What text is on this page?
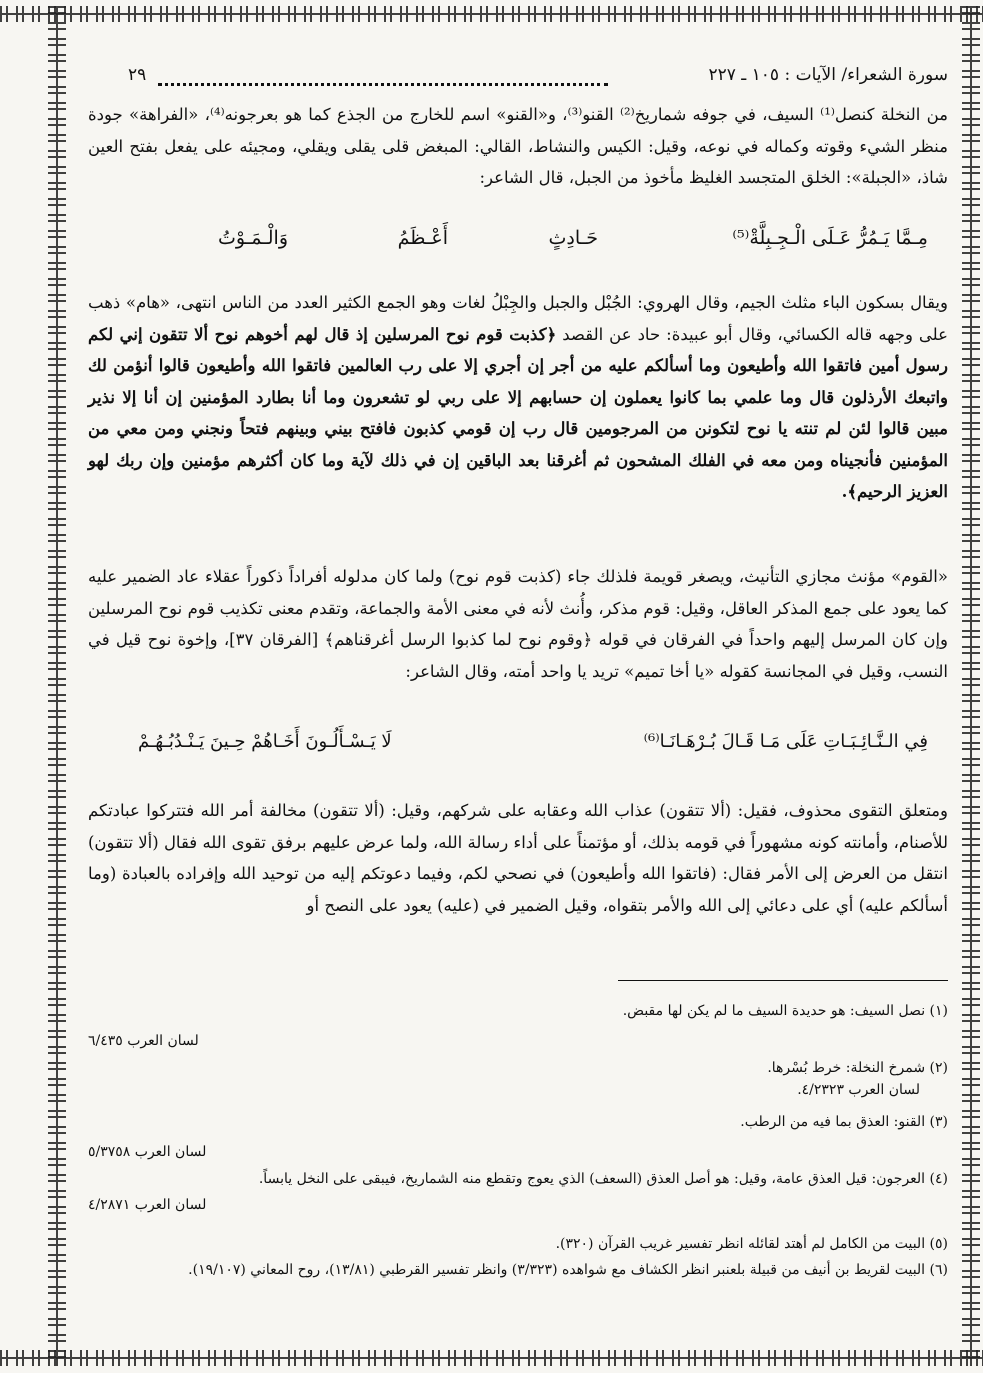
سورة الشعراء/ الآيات : ١٠٥ ـ ٢٢٧
٢٩

من النخلة كنصل⁽¹⁾ السيف، في جوفه شماريخ⁽²⁾ القنو⁽³⁾، و«القنو» اسم للخارج من الجذع كما هو بعرجونه⁽⁴⁾، «الفراهة» جودة منظر الشيء وقوته وكماله في نوعه، وقيل: الكيس والنشاط، القالي: المبغض قلى يقلى ويقلي، ومجيئه على يفعل بفتح العين شاذ، «الجبلة»: الخلق المتجسد الغليظ مأخوذ من الجبل، قال الشاعر:

مِـمَّا يَـمُرُّ عَـلَى الْـجِـبِلَّةْ⁽⁵⁾
حَـادِثٍ
أَعْـظَمُ
وَالْـمَـوْتُ

ويقال بسكون الباء مثلث الجيم، وقال الهروي: الجُبْل والجبل والجِبْلُ لغات وهو الجمع الكثير العدد من الناس انتهى، «هام» ذهب على وجهه قاله الكسائي، وقال أبو عبيدة: حاد عن القصد ﴿كذبت قوم نوح المرسلين إذ قال لهم أخوهم نوح ألا تتقون إني لكم رسول أمين فاتقوا الله وأطيعون وما أسألكم عليه من أجر إن أجري إلا على رب العالمين فاتقوا الله وأطيعون قالوا أنؤمن لك واتبعك الأرذلون قال وما علمي بما كانوا يعملون إن حسابهم إلا على ربي لو تشعرون وما أنا بطارد المؤمنين إن أنا إلا نذير مبين قالوا لئن لم تنته يا نوح لتكونن من المرجومين قال رب إن قومي كذبون فافتح بيني وبينهم فتحاً ونجني ومن معي من المؤمنين فأنجيناه ومن معه في الفلك المشحون ثم أغرقنا بعد الباقين إن في ذلك لآية وما كان أكثرهم مؤمنين وإن ربك لهو العزيز الرحيم﴾.

«القوم» مؤنث مجازي التأنيث، ويصغر قويمة فلذلك جاء (كذبت قوم نوح) ولما كان مدلوله أفراداً ذكوراً عقلاء عاد الضمير عليه كما يعود على جمع المذكر العاقل، وقيل: قوم مذكر، وأُنث لأنه في معنى الأمة والجماعة، وتقدم معنى تكذيب قوم نوح المرسلين وإن كان المرسل إليهم واحداً في الفرقان في قوله ﴿وقوم نوح لما كذبوا الرسل أغرقناهم﴾ [الفرقان ٣٧]، وإخوة نوح قيل في النسب، وقيل في المجانسة كقوله «يا أخا تميم» تريد يا واحد أمته، وقال الشاعر:

لَا يَـسْـأَلُـونَ أَخَـاهُمْ حِـينَ يَـنْـدُبُـهُـمْ	فِي الـنَّـائِـبَـاتِ عَلَى مَـا قَـالَ بُـرْهَـانَـا⁽⁶⁾

ومتعلق التقوى محذوف، فقيل: (ألا تتقون) عذاب الله وعقابه على شركهم، وقيل: (ألا تتقون) مخالفة أمر الله فتتركوا عبادتكم للأصنام، وأمانته كونه مشهوراً في قومه بذلك، أو مؤتمناً على أداء رسالة الله، ولما عرض عليهم برفق تقوى الله فقال (ألا تتقون) انتقل من العرض إلى الأمر فقال: (فاتقوا الله وأطيعون) في نصحي لكم، وفيما دعوتكم إليه من توحيد الله وإفراده بالعبادة (وما أسألكم عليه) أي على دعائي إلى الله والأمر بتقواه، وقيل الضمير في (عليه) يعود على النصح أو

(١) نصل السيف: هو حديدة السيف ما لم يكن لها مقبض.
لسان العرب ٦/٤٣٥
(٢) شمرخ النخلة: خرط بُسْرها.
لسان العرب ٤/٢٣٢٣.
(٣) القنو: العذق بما فيه من الرطب.
لسان العرب ٥/٣٧٥٨
(٤) العرجون: قيل العذق عامة، وقيل: هو أصل العذق (السعف) الذي يعوج وتقطع منه الشماريخ، فيبقى على النخل يابساً.
لسان العرب ٤/٢٨٧١
(٥) البيت من الكامل لم أهتد لقائله انظر تفسير غريب القرآن (٣٢٠).
(٦) البيت لقريط بن أنيف من قبيلة بلعنبر انظر الكشاف مع شواهده (٣/٣٢٣) وانظر تفسير القرطبي (١٣/٨١)، روح المعاني (١٩/١٠٧).
